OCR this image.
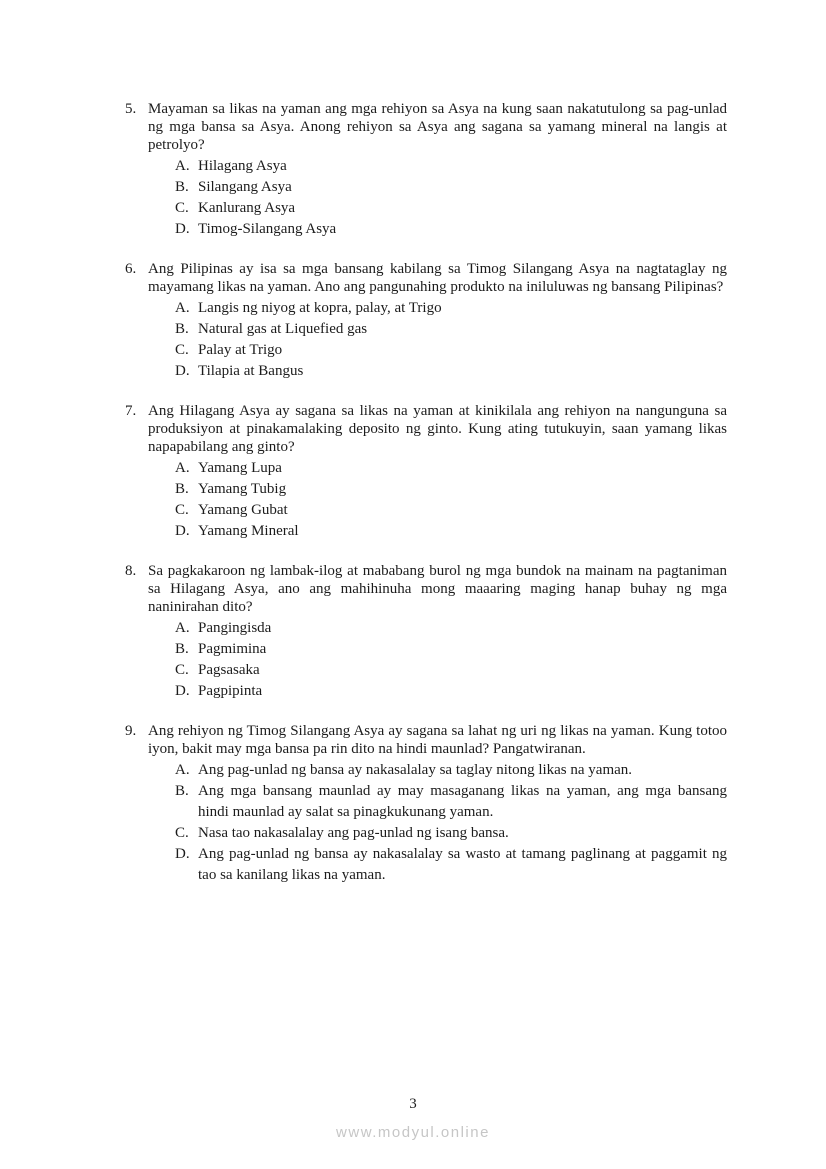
5. Mayaman sa likas na yaman ang mga rehiyon sa Asya na kung saan nakatutulong sa pag-unlad ng mga bansa sa Asya. Anong rehiyon sa Asya ang sagana sa yamang mineral na langis at petrolyo?

A. Hilagang Asya
B. Silangang Asya
C. Kanlurang Asya
D. Timog-Silangang Asya
6. Ang Pilipinas ay isa sa mga bansang kabilang sa Timog Silangang Asya na nagtataglay ng mayamang likas na yaman. Ano ang pangunahing produkto na iniluluwas ng bansang Pilipinas?

A. Langis ng niyog at kopra, palay, at Trigo
B. Natural gas at Liquefied gas
C. Palay at Trigo
D. Tilapia at Bangus
7. Ang Hilagang Asya ay sagana sa likas na yaman at kinikilala ang rehiyon na nangunguna sa produksiyon at pinakamalaking deposito ng ginto. Kung ating tutukuyin, saan yamang likas napapabilang ang ginto?

A. Yamang Lupa
B. Yamang Tubig
C. Yamang Gubat
D. Yamang Mineral
8. Sa pagkakaroon ng lambak-ilog at mababang burol ng mga bundok na mainam na pagtaniman sa Hilagang Asya, ano ang mahihinuha mong maaaring maging hanap buhay ng mga naninirahan dito?

A. Pangingisda
B. Pagmimina
C. Pagsasaka
D. Pagpipinta
9. Ang rehiyon ng Timog Silangang Asya ay sagana sa lahat ng uri ng likas na yaman. Kung totoo iyon, bakit may mga bansa pa rin dito na hindi maunlad? Pangatwiranan.

A. Ang pag-unlad ng bansa ay nakasalalay sa taglay nitong likas na yaman.
B. Ang mga bansang maunlad ay may masaganang likas na yaman, ang mga bansang hindi maunlad ay salat sa pinagkukunang yaman.
C. Nasa tao nakasalalay ang pag-unlad ng isang bansa.
D. Ang pag-unlad ng bansa ay nakasalalay sa wasto at tamang paglinang at paggamit ng tao sa kanilang likas na yaman.
3
www.modyul.online
